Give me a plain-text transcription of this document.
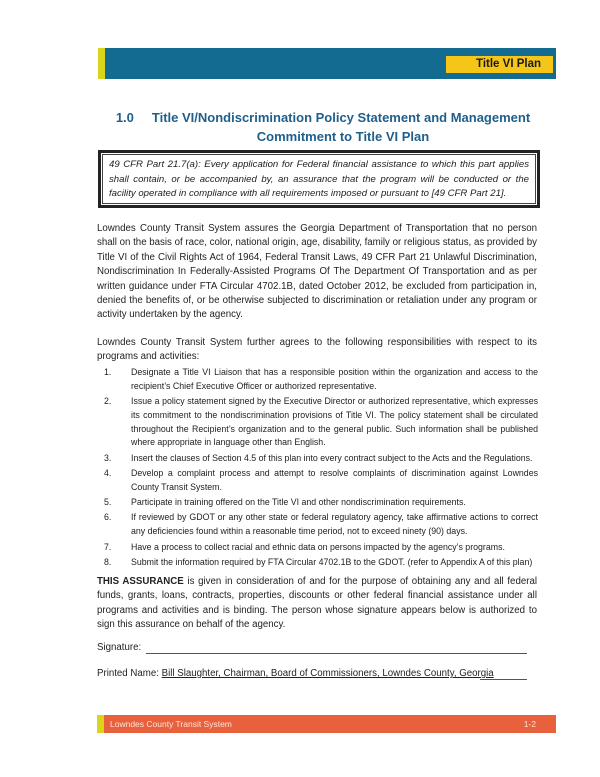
Title VI Plan
1.0 Title VI/Nondiscrimination Policy Statement and Management
Commitment to Title VI Plan
49 CFR Part 21.7(a): Every application for Federal financial assistance to which this part applies shall contain, or be accompanied by, an assurance that the program will be conducted or the facility operated in compliance with all requirements imposed or pursuant to [49 CFR Part 21].

Lowndes County Transit System assures the Georgia Department of Transportation that no person shall on the basis of race, color, national origin, age, disability, family or religious status, as provided by Title VI of the Civil Rights Act of 1964, Federal Transit Laws, 49 CFR Part 21 Unlawful Discrimination, Nondiscrimination In Federally-Assisted Programs Of The Department Of Transportation and as per written guidance under FTA Circular 4702.1B, dated October 2012, be excluded from participation in, denied the benefits of, or be otherwise subjected to discrimination or retaliation under any program or activity undertaken by the agency.

Lowndes County Transit System further agrees to the following responsibilities with respect to its programs and activities:

1. Designate a Title VI Liaison that has a responsible position within the organization and access to the recipient’s Chief Executive Officer or authorized representative.
2. Issue a policy statement signed by the Executive Director or authorized representative, which expresses its commitment to the nondiscrimination provisions of Title VI. The policy statement shall be circulated throughout the Recipient’s organization and to the general public. Such information shall be published where appropriate in language other than English.
3. Insert the clauses of Section 4.5 of this plan into every contract subject to the Acts and the Regulations.
4. Develop a complaint process and attempt to resolve complaints of discrimination against Lowndes County Transit System.
5. Participate in training offered on the Title VI and other nondiscrimination requirements.
6. If reviewed by GDOT or any other state or federal regulatory agency, take affirmative actions to correct any deficiencies found within a reasonable time period, not to exceed ninety (90) days.
7. Have a process to collect racial and ethnic data on persons impacted by the agency’s programs.
8. Submit the information required by FTA Circular 4702.1B to the GDOT. (refer to Appendix A of this plan)

THIS ASSURANCE is given in consideration of and for the purpose of obtaining any and all federal funds, grants, loans, contracts, properties, discounts or other federal financial assistance under all programs and activities and is binding. The person whose signature appears below is authorized to sign this assurance on behalf of the agency.

Signature:
Printed Name: Bill Slaughter, Chairman, Board of Commissioners, Lowndes County, Georgia
Lowndes County Transit System	1-2
